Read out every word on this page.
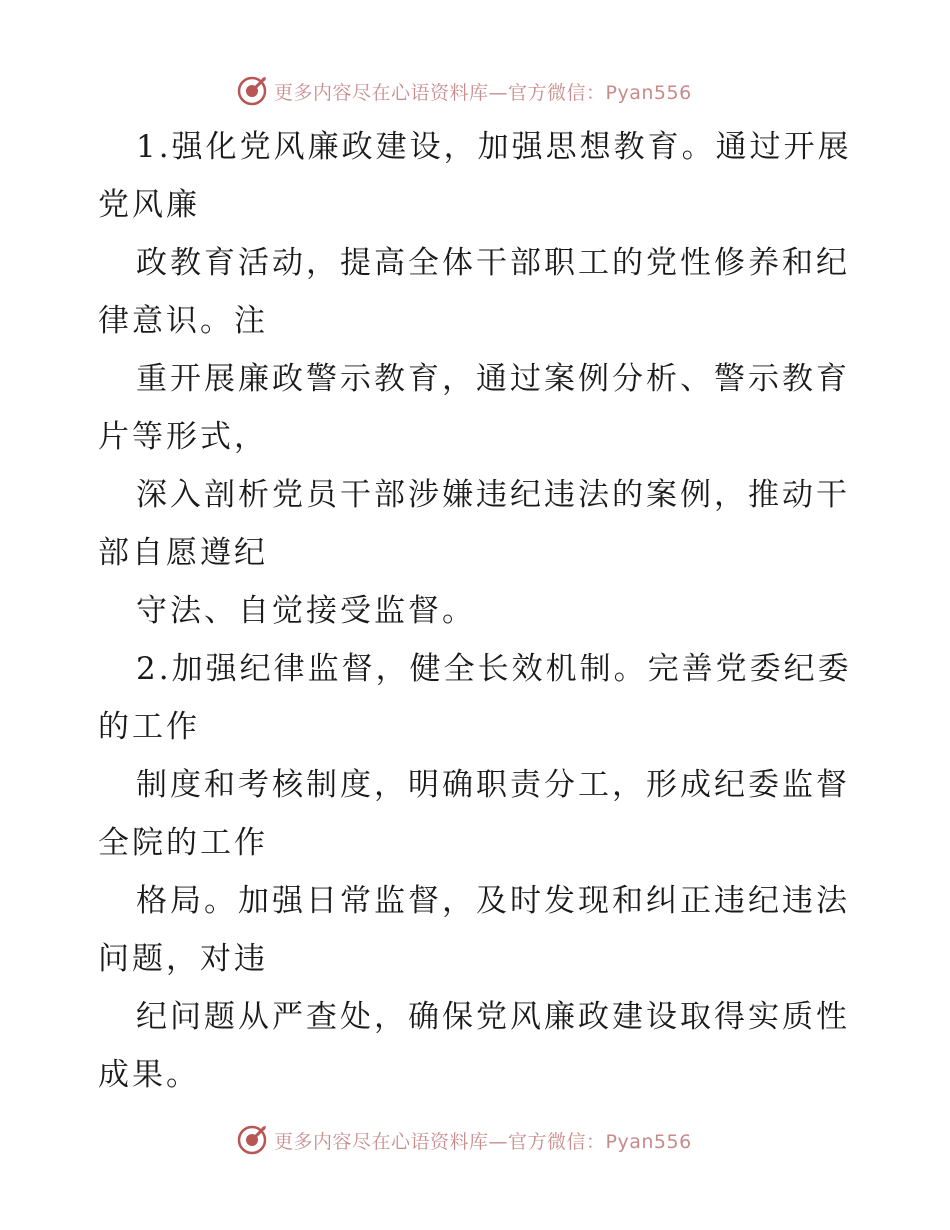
更多内容尽在心语资料库—官方微信：Pyan556
1.强化党风廉政建设，加强思想教育。通过开展
党风廉
政教育活动，提高全体干部职工的党性修养和纪
律意识。注
重开展廉政警示教育，通过案例分析、警示教育
片等形式，
深入剖析党员干部涉嫌违纪违法的案例，推动干
部自愿遵纪
守法、自觉接受监督。
2.加强纪律监督，健全长效机制。完善党委纪委
的工作
制度和考核制度，明确职责分工，形成纪委监督
全院的工作
格局。加强日常监督，及时发现和纠正违纪违法
问题，对违
纪问题从严查处，确保党风廉政建设取得实质性
成果。
更多内容尽在心语资料库—官方微信：Pyan556
